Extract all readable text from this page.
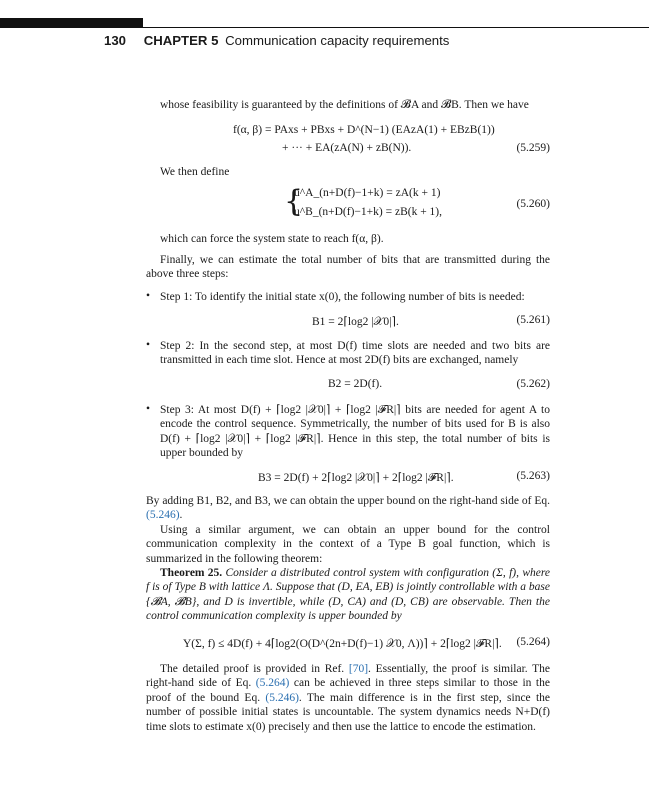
130 CHAPTER 5 Communication capacity requirements

whose feasibility is guaranteed by the definitions of 𝓑A and 𝓑B. Then we have

f(α, β) = PAxs + PBxs + D^(N−1) (EAzA(1) + EBzB(1))
+ ··· + EA(zA(N) + zB(N)).	(5.259)

We then define

{
u^A_(n+D(f)−1+k) = zA(k + 1)
u^B_(n+D(f)−1+k) = zB(k + 1),
(5.260)

which can force the system state to reach f(α, β).

Finally, we can estimate the total number of bits that are transmitted during the above three steps:

• Step 1: To identify the initial state x(0), the following number of bits is needed:

B1 = 2⌈log2 |𝒳0|⌉.	(5.261)
• Step 2: In the second step, at most D(f) time slots are needed and two bits are transmitted in each time slot. Hence at most 2D(f) bits are exchanged, namely

B2 = 2D(f).	(5.262)
• Step 3: At most D(f) + ⌈log2 |𝒳0|⌉ + ⌈log2 |𝓕R|⌉ bits are needed for agent A to encode the control sequence. Symmetrically, the number of bits used for B is also D(f) + ⌈log2 |𝒳0|⌉ + ⌈log2 |𝓕R|⌉. Hence in this step, the total number of bits is upper bounded by

B3 = 2D(f) + 2⌈log2 |𝒳0|⌉ + 2⌈log2 |𝓕R|⌉.	(5.263)

By adding B1, B2, and B3, we can obtain the upper bound on the right-hand side of Eq. (5.246).

Using a similar argument, we can obtain an upper bound for the control communication complexity in the context of a Type B goal function, which is summarized in the following theorem:

Theorem 25. Consider a distributed control system with configuration (Σ, f), where f is of Type B with lattice Λ. Suppose that (D, EA, EB) is jointly controllable with a base {𝓑A, 𝓑B}, and D is invertible, while (D, CA) and (D, CB) are observable. Then the control communication complexity is upper bounded by

Y(Σ, f) ≤ 4D(f) + 4⌈log2(O(D^(2n+D(f)−1) 𝒳0, Λ))⌉ + 2⌈log2 |𝓕R|⌉. (5.264)

The detailed proof is provided in Ref. [70]. Essentially, the proof is similar. The right-hand side of Eq. (5.264) can be achieved in three steps similar to those in the proof of the bound Eq. (5.246). The main difference is in the first step, since the number of possible initial states is uncountable. The system dynamics needs N+D(f) time slots to estimate x(0) precisely and then use the lattice to encode the estimation.
